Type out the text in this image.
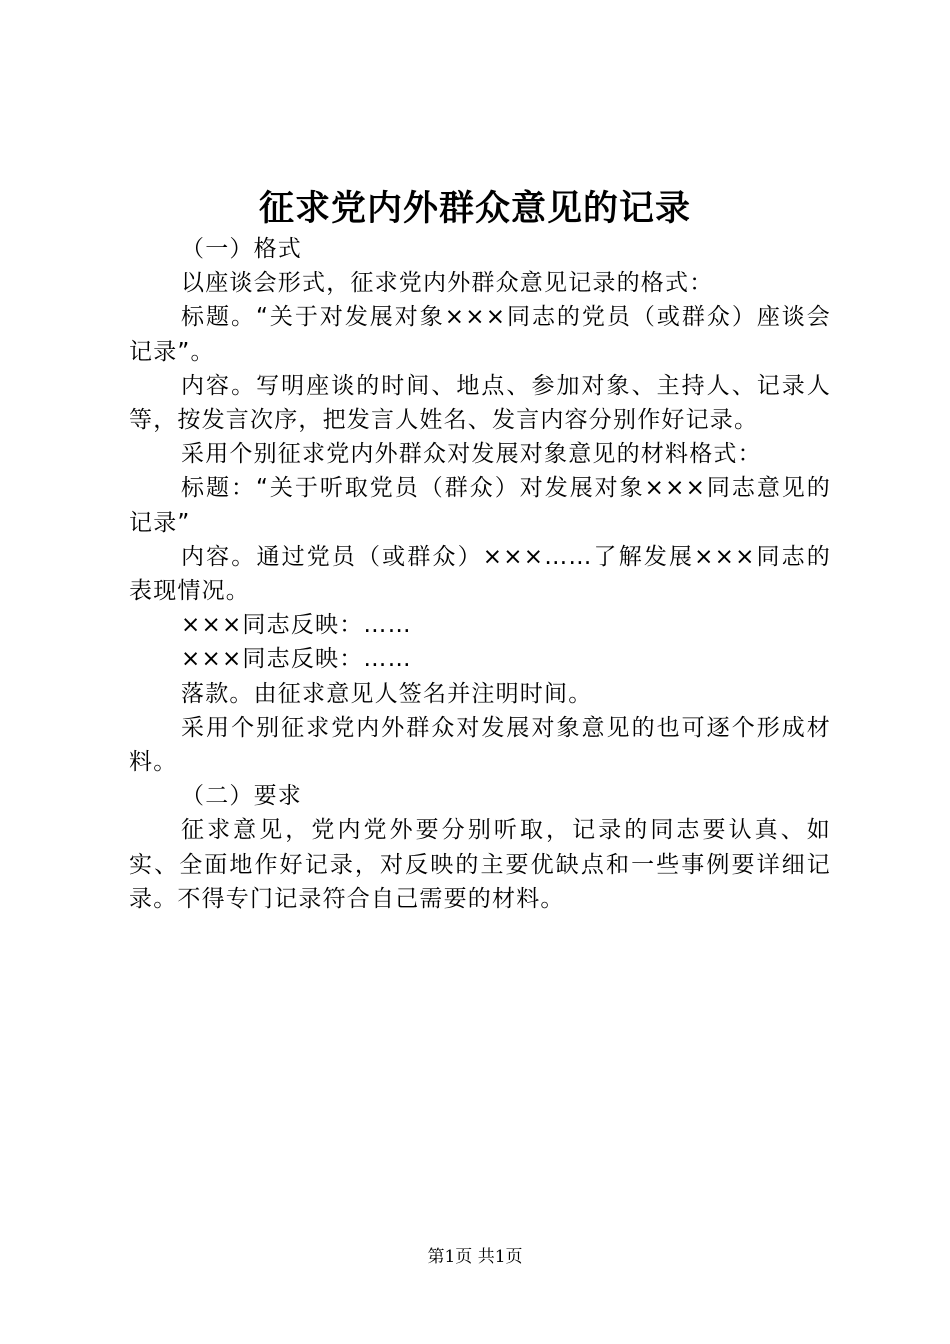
征求党内外群众意见的记录

（一）格式

以座谈会形式，征求党内外群众意见记录的格式：

标题。“关于对发展对象×××同志的党员（或群众）座谈会记录”。

内容。写明座谈的时间、地点、参加对象、主持人、记录人等，按发言次序，把发言人姓名、发言内容分别作好记录。

采用个别征求党内外群众对发展对象意见的材料格式：

标题：“关于听取党员（群众）对发展对象×××同志意见的记录”

内容。通过党员（或群众）×××……了解发展×××同志的表现情况。

×××同志反映：……

×××同志反映：……

落款。由征求意见人签名并注明时间。

采用个别征求党内外群众对发展对象意见的也可逐个形成材料。

（二）要求

征求意见，党内党外要分别听取，记录的同志要认真、如实、全面地作好记录，对反映的主要优缺点和一些事例要详细记录。不得专门记录符合自己需要的材料。

第1页 共1页
